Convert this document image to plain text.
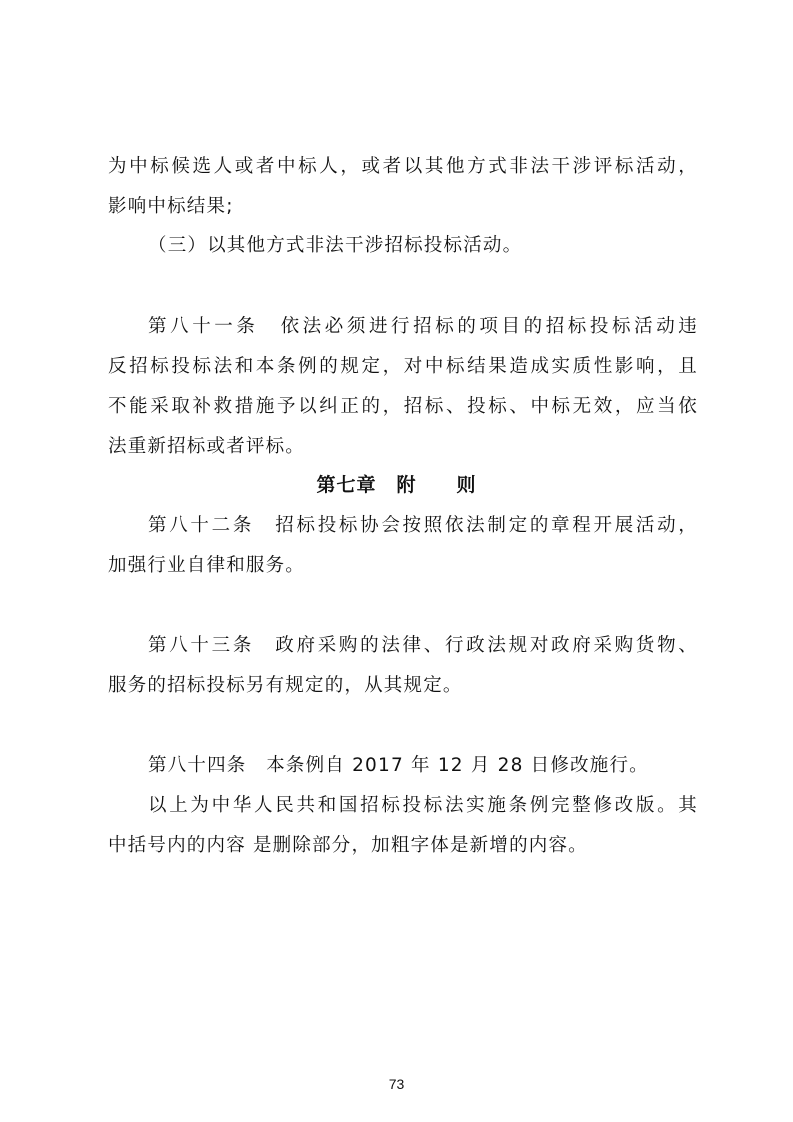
为中标候选人或者中标人，或者以其他方式非法干涉评标活动，
影响中标结果;
（三）以其他方式非法干涉招标投标活动。
第八十一条　依法必须进行招标的项目的招标投标活动违
反招标投标法和本条例的规定，对中标结果造成实质性影响，且
不能采取补救措施予以纠正的，招标、投标、中标无效，应当依
法重新招标或者评标。
第七章　附　　则
第八十二条　招标投标协会按照依法制定的章程开展活动，
加强行业自律和服务。
第八十三条　政府采购的法律、行政法规对政府采购货物、
服务的招标投标另有规定的，从其规定。
第八十四条　本条例自 2017 年 12 月 28 日修改施行。
以上为中华人民共和国招标投标法实施条例完整修改版。其
中括号内的内容 是删除部分，加粗字体是新增的内容。
73
